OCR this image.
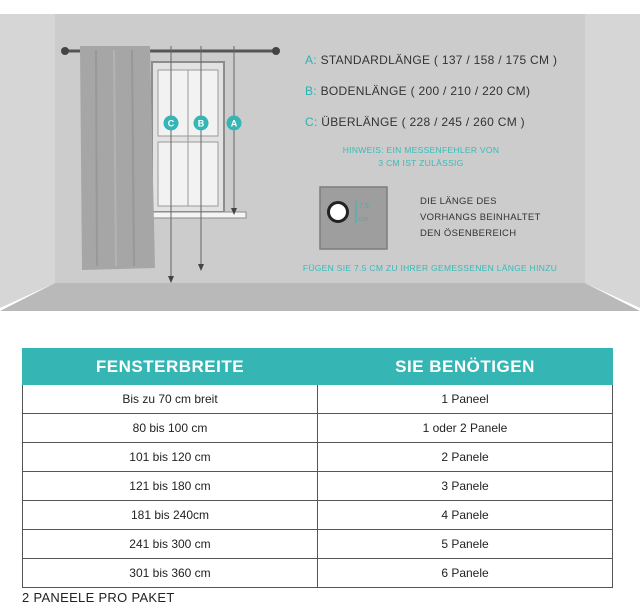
C	B	A
7.5
cm
A: STANDARDLÄNGE ( 137 / 158 / 175 CM )
B: BODENLÄNGE ( 200 / 210 / 220 CM)
C: ÜBERLÄNGE ( 228 / 245 / 260 CM )
HINWEIS: EIN MESSENFEHLER VON
3 CM IST ZULÄSSIG
DIE LÄNGE DES
VORHANGS BEINHALTET
DEN ÖSENBEREICH
FÜGEN SIE 7.5 CM ZU IHRER GEMESSENEN LÄNGE HINZU
FENSTERBREITE	SIE BENÖTIGEN
Bis zu 70 cm breit	1 Paneel
80 bis 100 cm	1 oder 2 Panele
101 bis 120 cm	2 Panele
121 bis 180 cm	3 Panele
181 bis 240cm	4 Panele
241 bis 300 cm	5 Panele
301 bis 360 cm	6 Panele
2 PANEELE PRO PAKET
